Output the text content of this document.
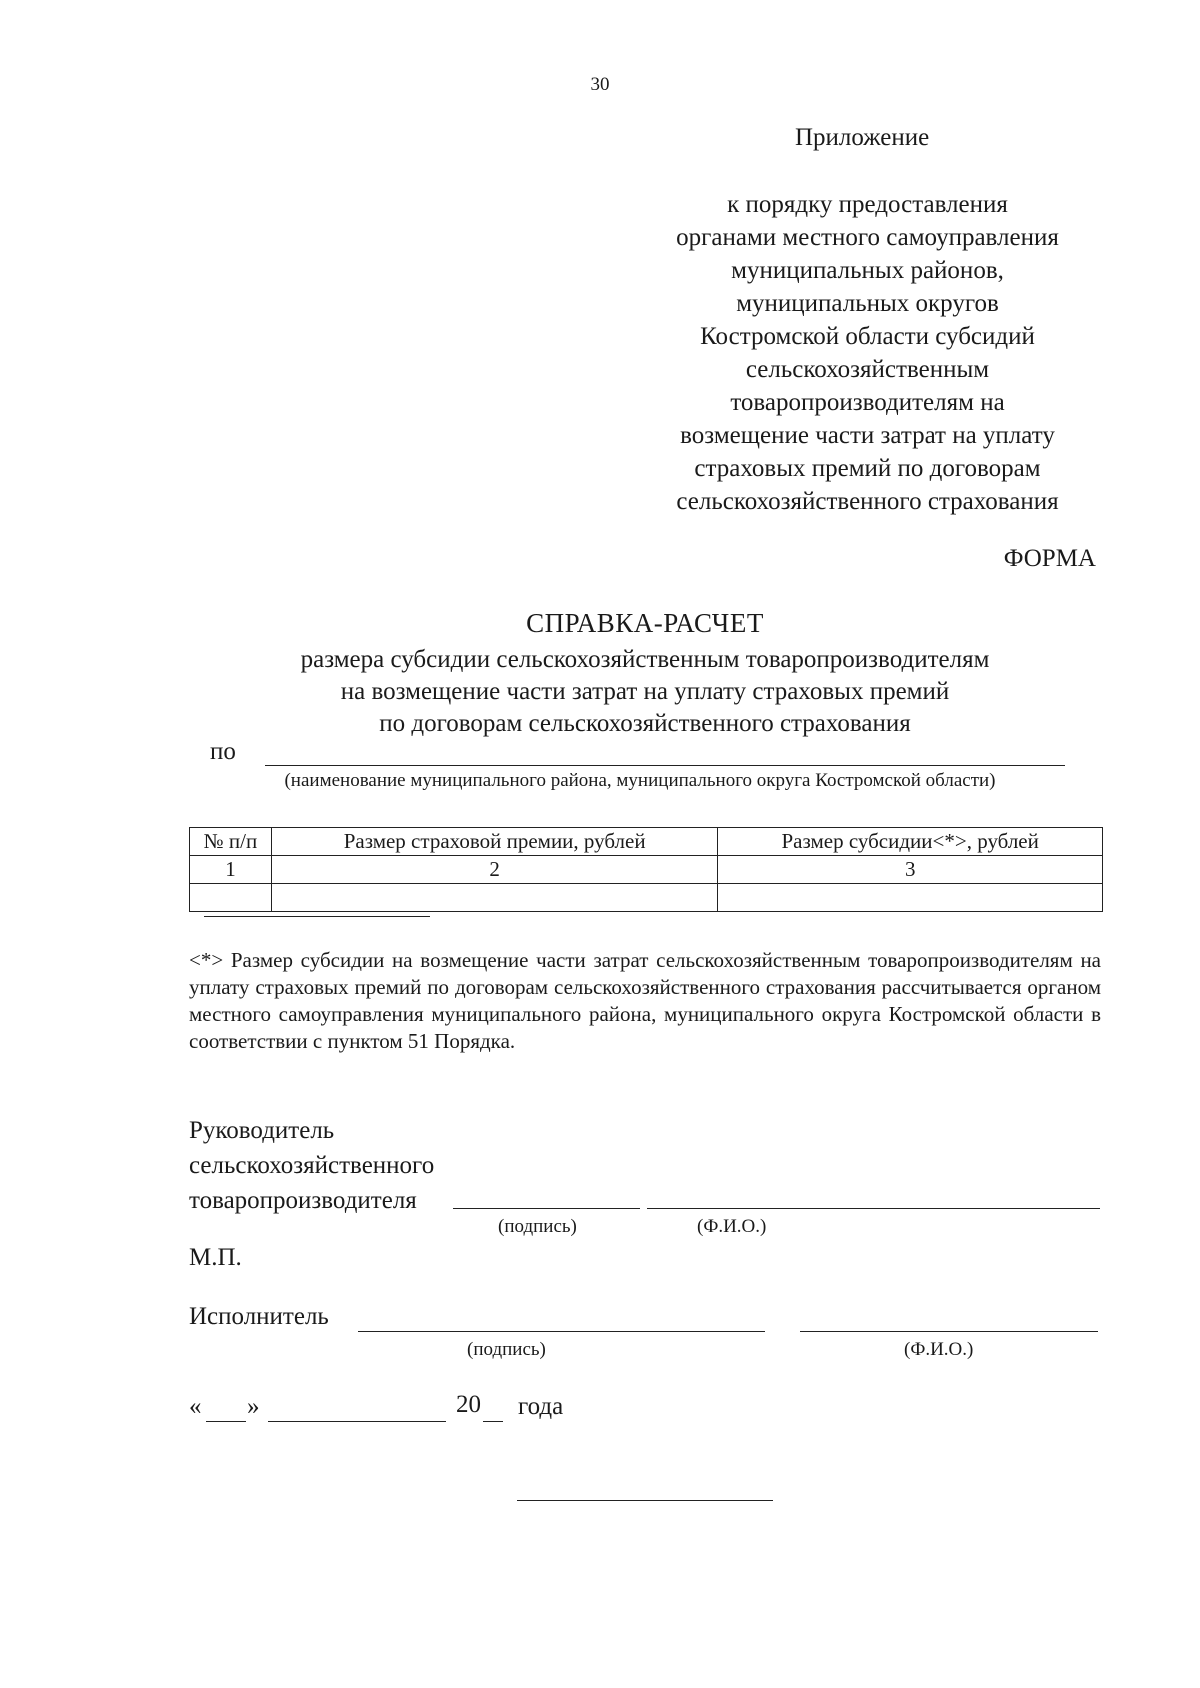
30
Приложение
к порядку предоставления
органами местного самоуправления
муниципальных районов,
муниципальных округов
Костромской области субсидий
сельскохозяйственным
товаропроизводителям на
возмещение части затрат на уплату
страховых премий по договорам
сельскохозяйственного страхования
ФОРМА
СПРАВКА-РАСЧЕТ
размера субсидии сельскохозяйственным товаропроизводителям
на возмещение части затрат на уплату страховых премий
по договорам сельскохозяйственного страхования
по
(наименование муниципального района, муниципального округа Костромской области)
№ п/п	Размер страховой премии, рублей	Размер субсидии<*>, рублей
1	2	3

<*> Размер субсидии на возмещение части затрат сельскохозяйственным товаропроизводителям на уплату страховых премий по договорам сельскохозяйственного страхования рассчитывается органом местного самоуправления муниципального района, муниципального округа Костромской области в соответствии с пунктом 51 Порядка.
Руководитель
сельскохозяйственного
товаропроизводителя
(подпись)	(Ф.И.О.)
М.П.
Исполнитель
(подпись)	(Ф.И.О.)
« »	20 года
